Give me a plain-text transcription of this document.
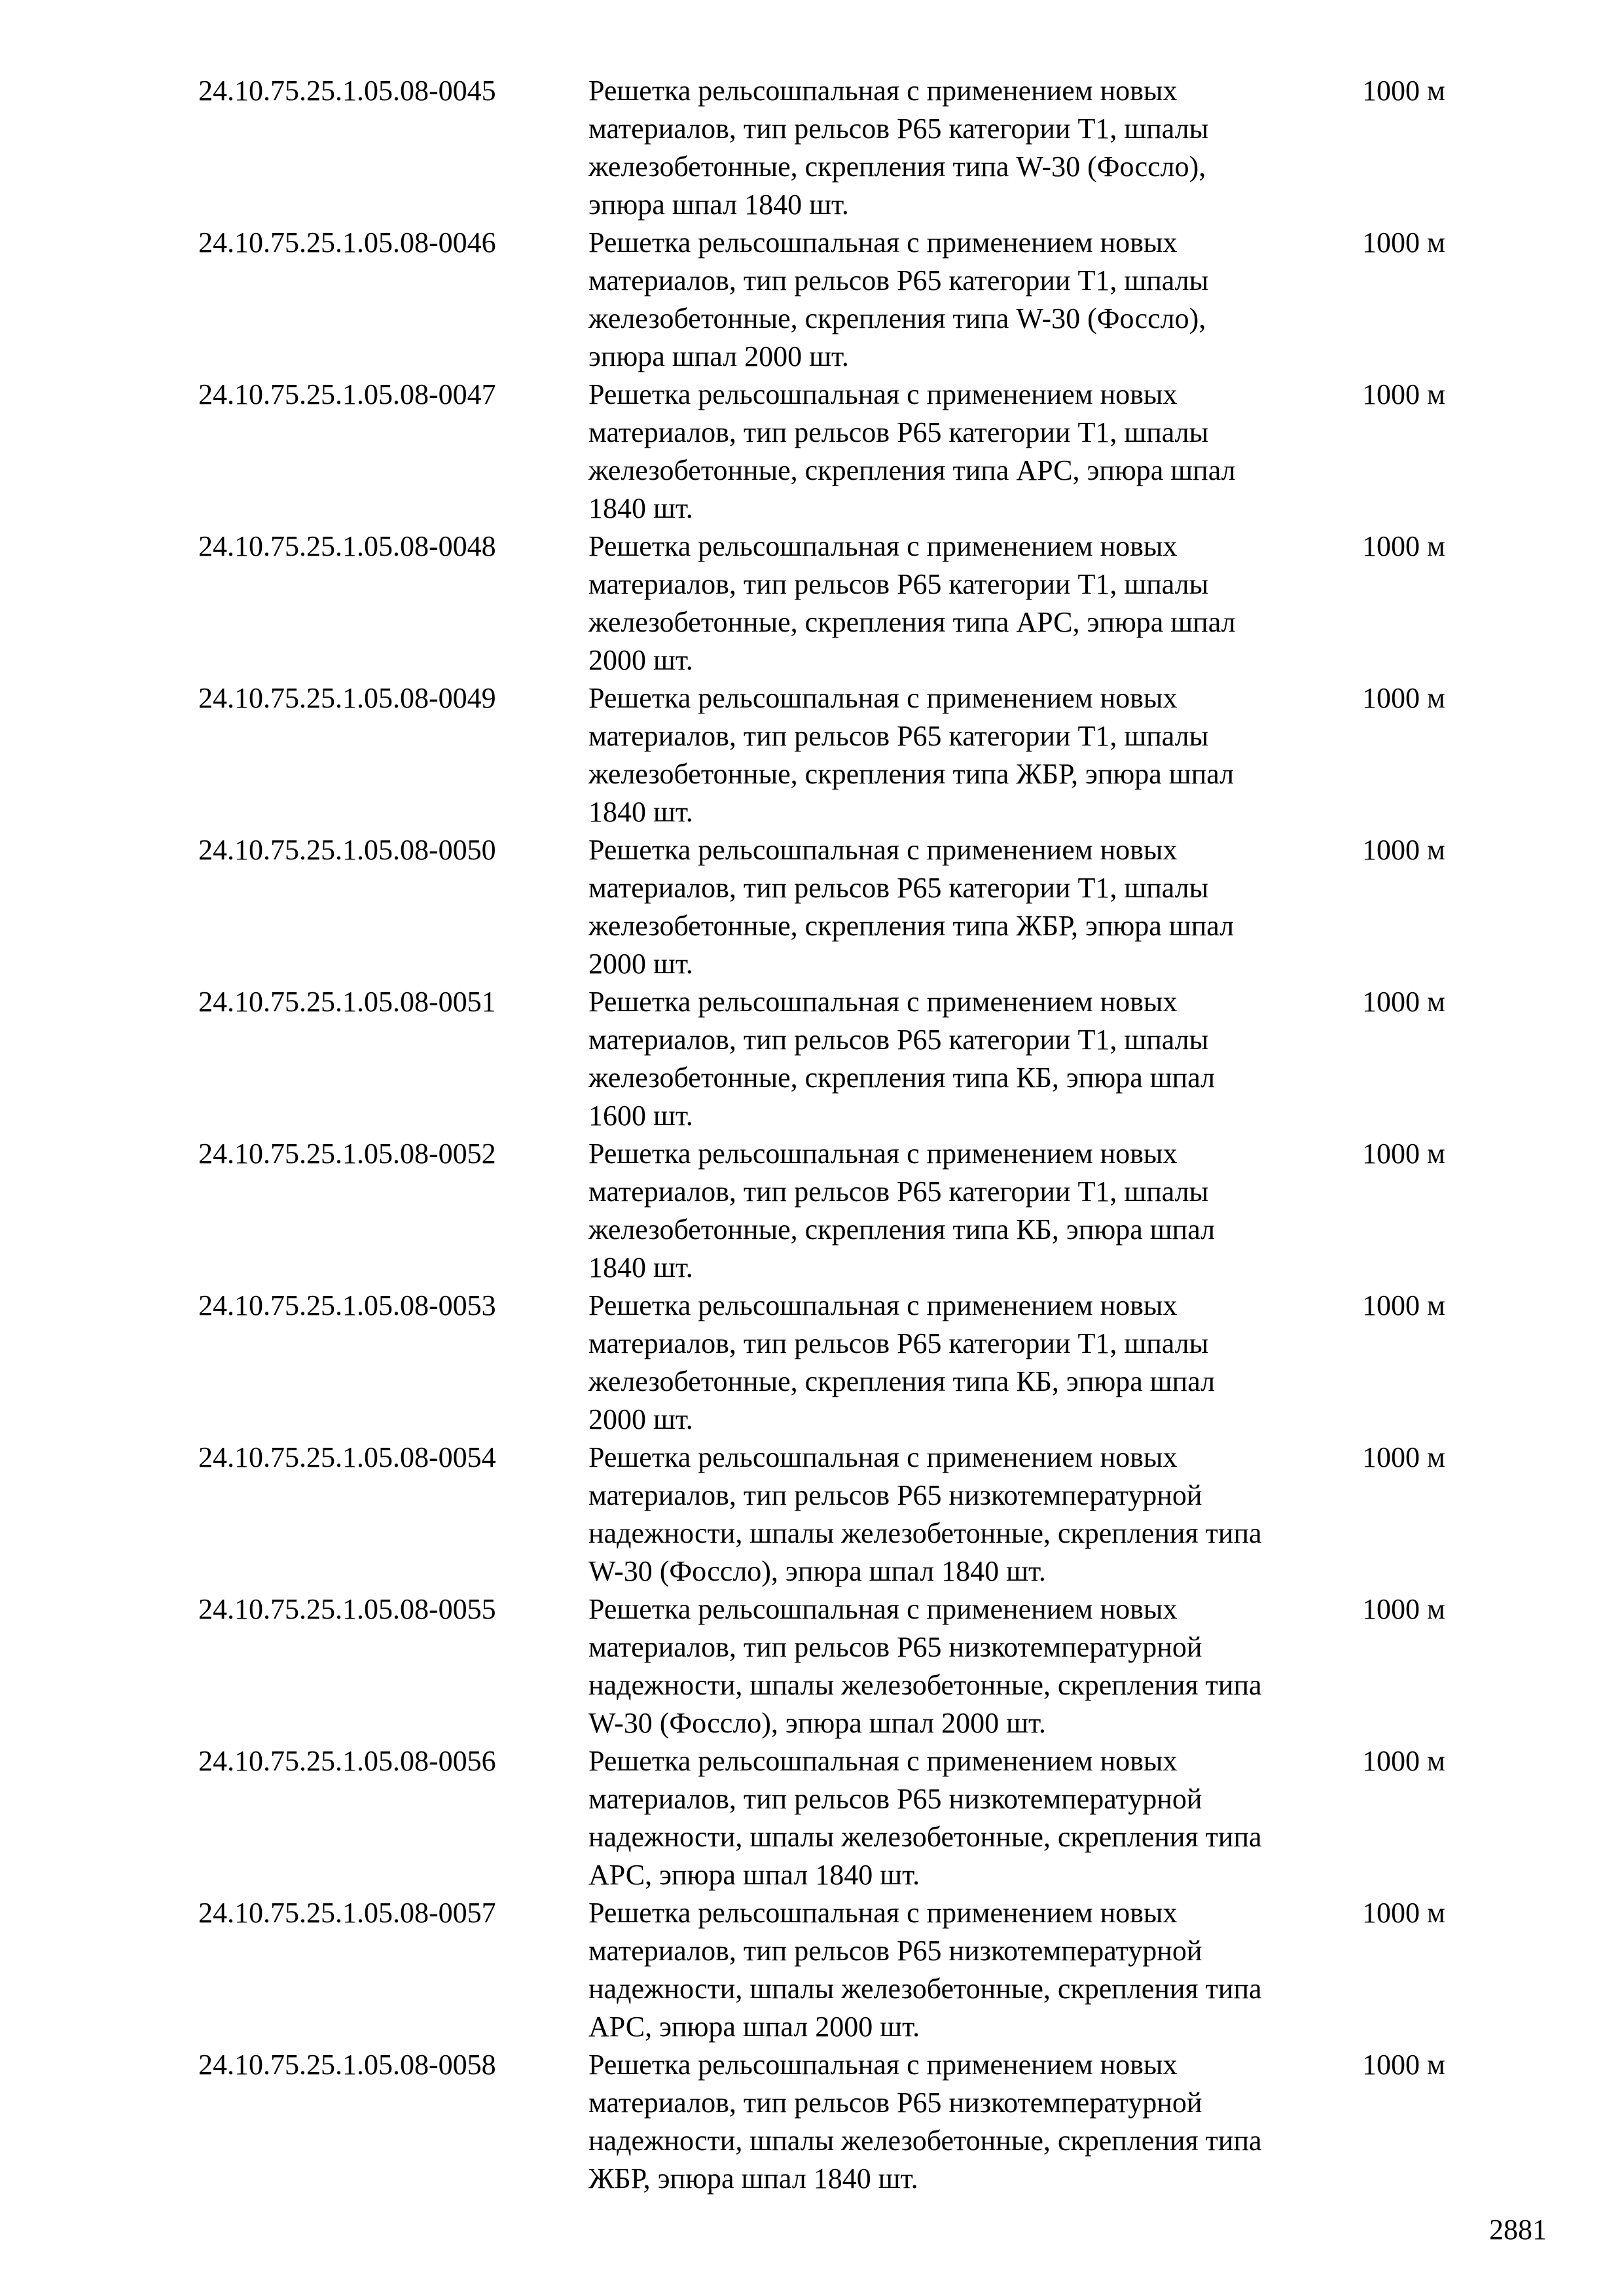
24.10.75.25.1.05.08-0045	Решетка рельсошпальная с применением новых
материалов, тип рельсов Р65 категории Т1, шпалы
железобетонные, скрепления типа W-30 (Фоссло),
эпюра шпал 1840 шт.
1000 м
24.10.75.25.1.05.08-0046	Решетка рельсошпальная с применением новых
материалов, тип рельсов Р65 категории Т1, шпалы
железобетонные, скрепления типа W-30 (Фоссло),
эпюра шпал 2000 шт.
1000 м
24.10.75.25.1.05.08-0047	Решетка рельсошпальная с применением новых
материалов, тип рельсов Р65 категории Т1, шпалы
железобетонные, скрепления типа АРС, эпюра шпал
1840 шт.
1000 м
24.10.75.25.1.05.08-0048	Решетка рельсошпальная с применением новых
материалов, тип рельсов Р65 категории Т1, шпалы
железобетонные, скрепления типа АРС, эпюра шпал
2000 шт.
1000 м
24.10.75.25.1.05.08-0049	Решетка рельсошпальная с применением новых
материалов, тип рельсов Р65 категории Т1, шпалы
железобетонные, скрепления типа ЖБР, эпюра шпал
1840 шт.
1000 м
24.10.75.25.1.05.08-0050	Решетка рельсошпальная с применением новых
материалов, тип рельсов Р65 категории Т1, шпалы
железобетонные, скрепления типа ЖБР, эпюра шпал
2000 шт.
1000 м
24.10.75.25.1.05.08-0051	Решетка рельсошпальная с применением новых
материалов, тип рельсов Р65 категории Т1, шпалы
железобетонные, скрепления типа КБ, эпюра шпал
1600 шт.
1000 м
24.10.75.25.1.05.08-0052	Решетка рельсошпальная с применением новых
материалов, тип рельсов Р65 категории Т1, шпалы
железобетонные, скрепления типа КБ, эпюра шпал
1840 шт.
1000 м
24.10.75.25.1.05.08-0053	Решетка рельсошпальная с применением новых
материалов, тип рельсов Р65 категории Т1, шпалы
железобетонные, скрепления типа КБ, эпюра шпал
2000 шт.
1000 м
24.10.75.25.1.05.08-0054	Решетка рельсошпальная с применением новых
материалов, тип рельсов Р65 низкотемпературной
надежности, шпалы железобетонные, скрепления типа
W-30 (Фоссло), эпюра шпал 1840 шт.
1000 м
24.10.75.25.1.05.08-0055	Решетка рельсошпальная с применением новых
материалов, тип рельсов Р65 низкотемпературной
надежности, шпалы железобетонные, скрепления типа
W-30 (Фоссло), эпюра шпал 2000 шт.
1000 м
24.10.75.25.1.05.08-0056	Решетка рельсошпальная с применением новых
материалов, тип рельсов Р65 низкотемпературной
надежности, шпалы железобетонные, скрепления типа
АРС, эпюра шпал 1840 шт.
1000 м
24.10.75.25.1.05.08-0057	Решетка рельсошпальная с применением новых
материалов, тип рельсов Р65 низкотемпературной
надежности, шпалы железобетонные, скрепления типа
АРС, эпюра шпал 2000 шт.
1000 м
24.10.75.25.1.05.08-0058	Решетка рельсошпальная с применением новых
материалов, тип рельсов Р65 низкотемпературной
надежности, шпалы железобетонные, скрепления типа
ЖБР, эпюра шпал 1840 шт.
1000 м
2881
